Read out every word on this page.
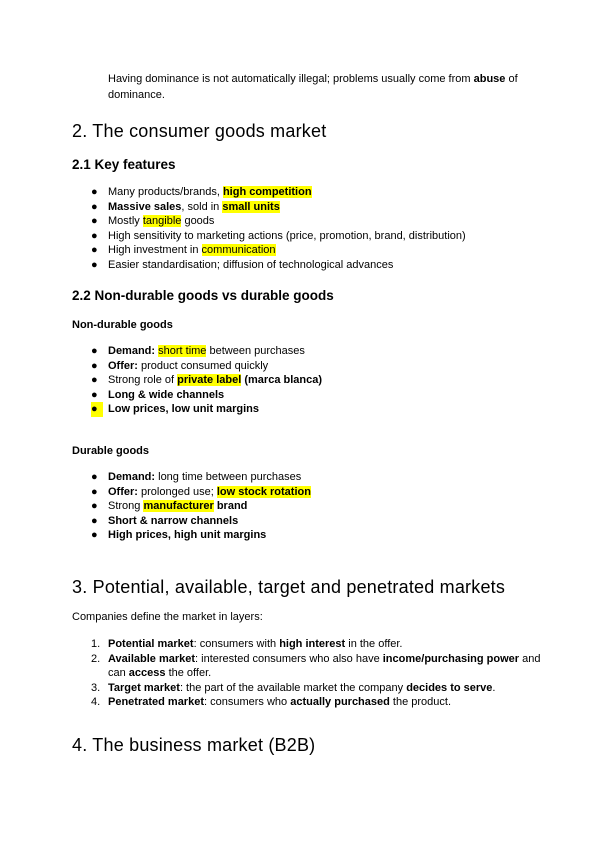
Having dominance is not automatically illegal; problems usually come from abuse of dominance.
2. The consumer goods market
2.1 Key features
● Many products/brands, high competition
● Massive sales, sold in small units
● Mostly tangible goods
● High sensitivity to marketing actions (price, promotion, brand, distribution)
● High investment in communication
● Easier standardisation; diffusion of technological advances
2.2 Non-durable goods vs durable goods
Non-durable goods
● Demand: short time between purchases
● Offer: product consumed quickly
● Strong role of private label (marca blanca)
● Long & wide channels
● Low prices, low unit margins
Durable goods
● Demand: long time between purchases
● Offer: prolonged use; low stock rotation
● Strong manufacturer brand
● Short & narrow channels
● High prices, high unit margins
3. Potential, available, target and penetrated markets

Companies define the market in layers:

1. Potential market: consumers with high interest in the offer.
2. Available market: interested consumers who also have income/purchasing power and can access the offer.
3. Target market: the part of the available market the company decides to serve.
4. Penetrated market: consumers who actually purchased the product.
4. The business market (B2B)
